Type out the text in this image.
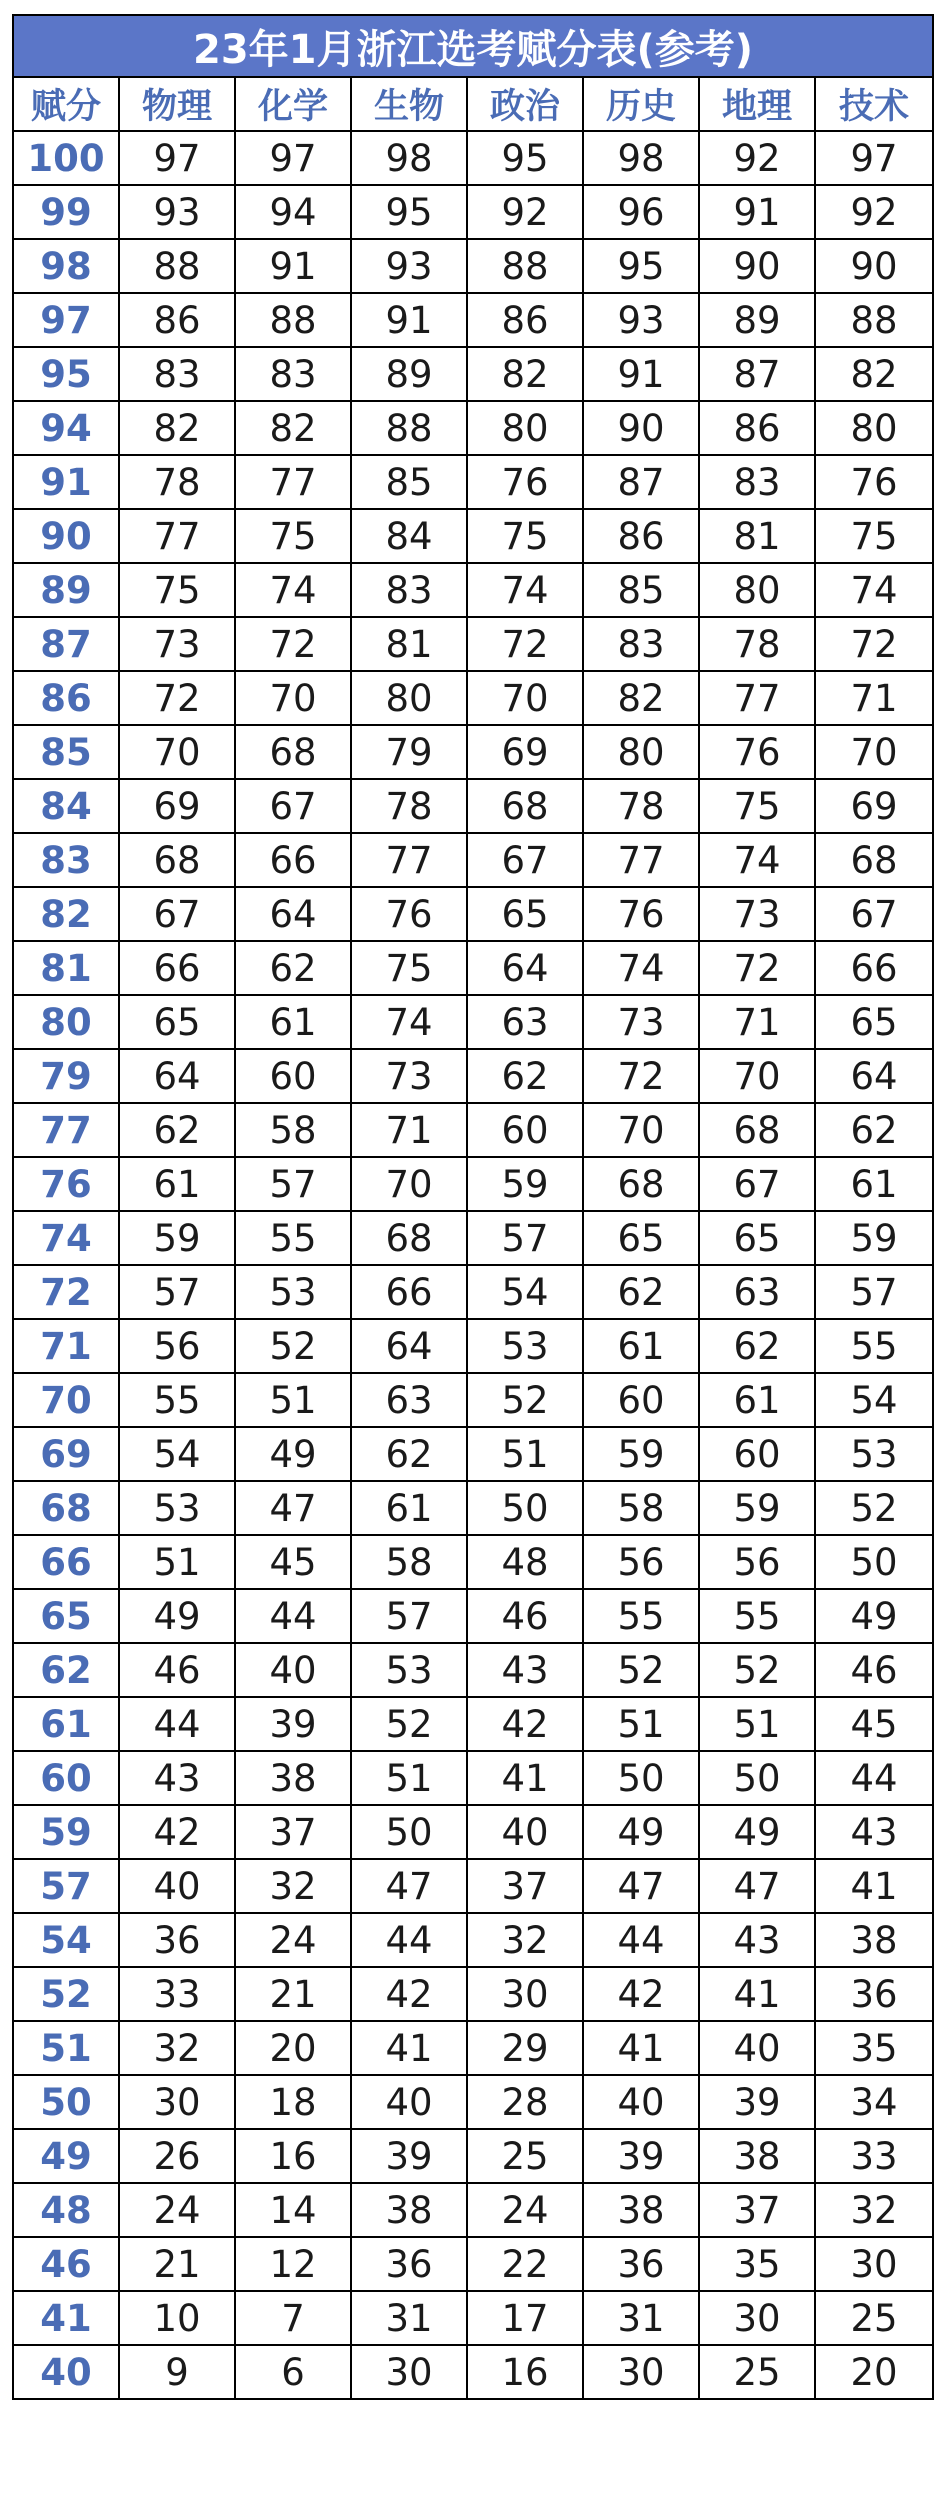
23年1月浙江选考赋分表(参考)							
赋分	物理	化学	生物	政治	历史	地理	技术
100	97	97	98	95	98	92	97
99	93	94	95	92	96	91	92
98	88	91	93	88	95	90	90
97	86	88	91	86	93	89	88
95	83	83	89	82	91	87	82
94	82	82	88	80	90	86	80
91	78	77	85	76	87	83	76
90	77	75	84	75	86	81	75
89	75	74	83	74	85	80	74
87	73	72	81	72	83	78	72
86	72	70	80	70	82	77	71
85	70	68	79	69	80	76	70
84	69	67	78	68	78	75	69
83	68	66	77	67	77	74	68
82	67	64	76	65	76	73	67
81	66	62	75	64	74	72	66
80	65	61	74	63	73	71	65
79	64	60	73	62	72	70	64
77	62	58	71	60	70	68	62
76	61	57	70	59	68	67	61
74	59	55	68	57	65	65	59
72	57	53	66	54	62	63	57
71	56	52	64	53	61	62	55
70	55	51	63	52	60	61	54
69	54	49	62	51	59	60	53
68	53	47	61	50	58	59	52
66	51	45	58	48	56	56	50
65	49	44	57	46	55	55	49
62	46	40	53	43	52	52	46
61	44	39	52	42	51	51	45
60	43	38	51	41	50	50	44
59	42	37	50	40	49	49	43
57	40	32	47	37	47	47	41
54	36	24	44	32	44	43	38
52	33	21	42	30	42	41	36
51	32	20	41	29	41	40	35
50	30	18	40	28	40	39	34
49	26	16	39	25	39	38	33
48	24	14	38	24	38	37	32
46	21	12	36	22	36	35	30
41	10	7	31	17	31	30	25
40	9	6	30	16	30	25	20
